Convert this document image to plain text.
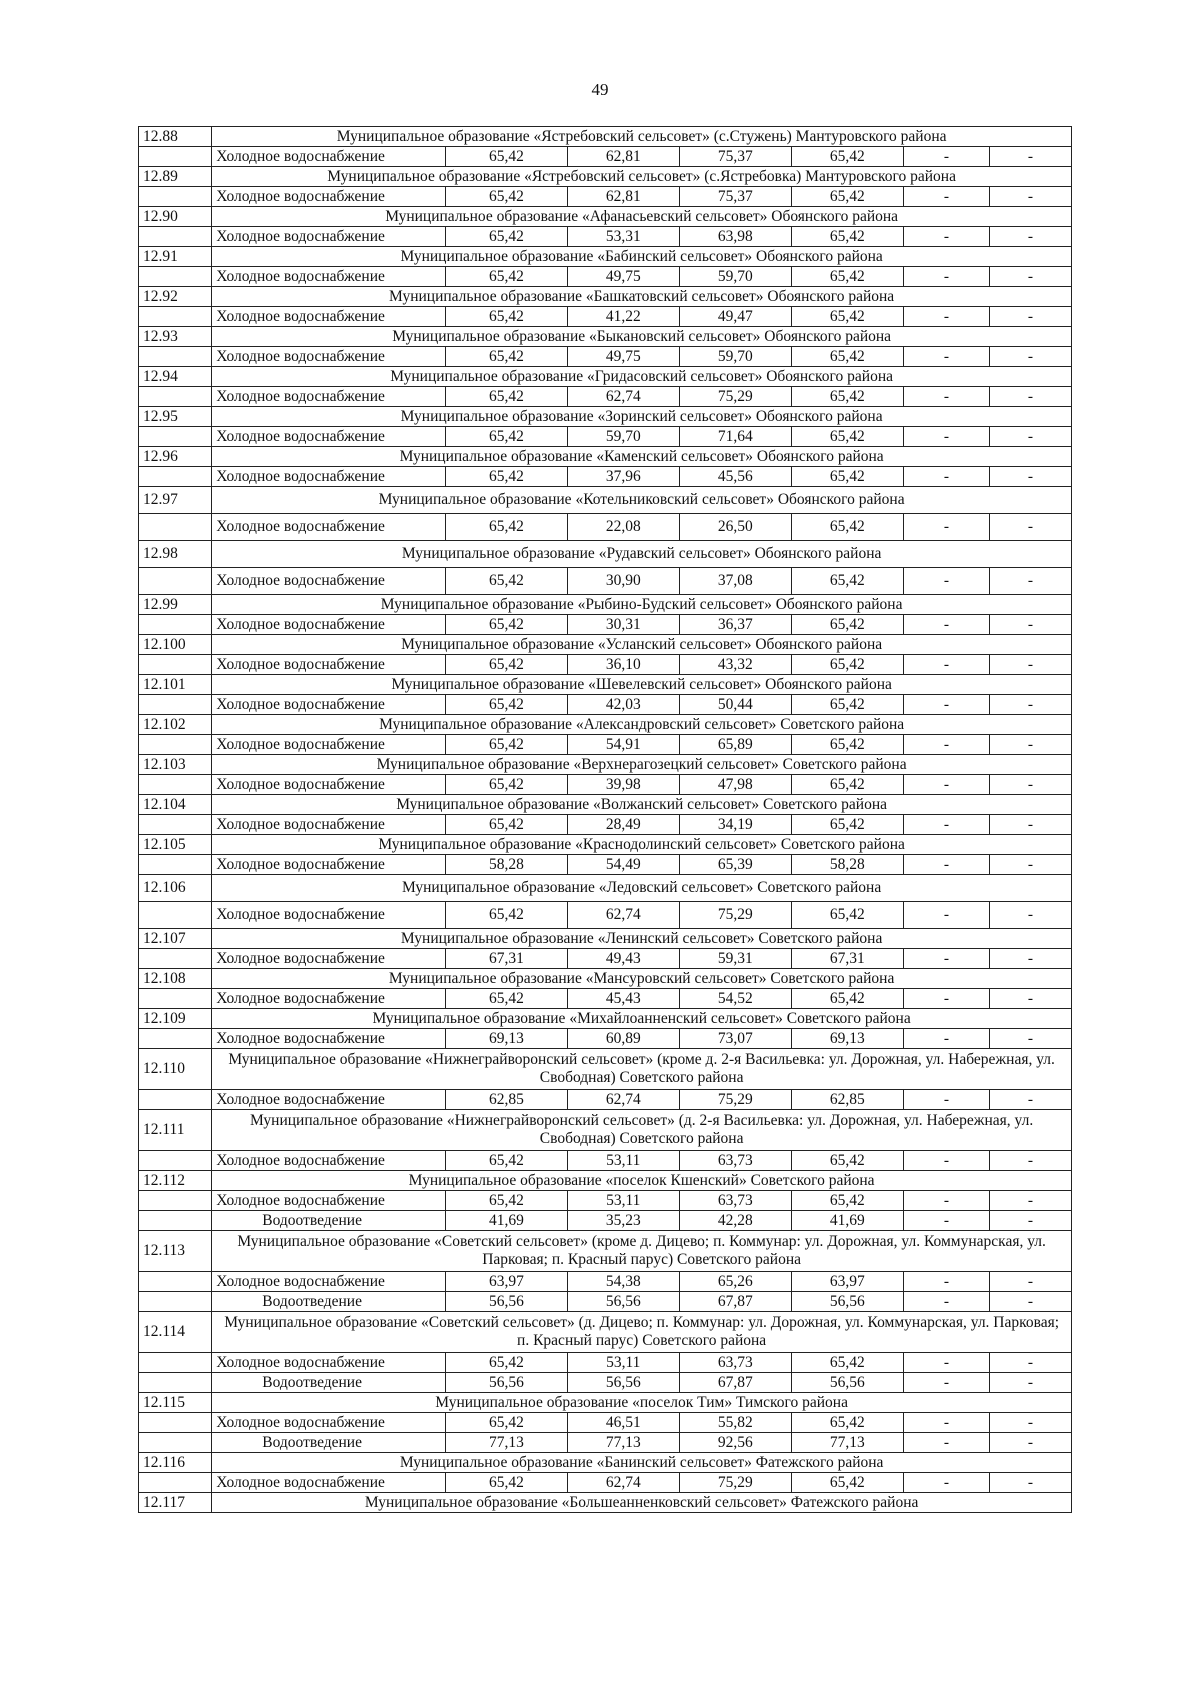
49
12.88	Муниципальное образование «Ястребовский сельсовет» (с.Стужень) Мантуровского района						
	Холодное водоснабжение	65,42	62,81	75,37	65,42	-	-
12.89	Муниципальное образование «Ястребовский сельсовет» (с.Ястребовка) Мантуровского района						
	Холодное водоснабжение	65,42	62,81	75,37	65,42	-	-
12.90	Муниципальное образование «Афанасьевский сельсовет» Обоянского района						
	Холодное водоснабжение	65,42	53,31	63,98	65,42	-	-
12.91	Муниципальное образование «Бабинский сельсовет» Обоянского района						
	Холодное водоснабжение	65,42	49,75	59,70	65,42	-	-
12.92	Муниципальное образование «Башкатовский сельсовет» Обоянского района						
	Холодное водоснабжение	65,42	41,22	49,47	65,42	-	-
12.93	Муниципальное образование «Быкановский сельсовет» Обоянского района						
	Холодное водоснабжение	65,42	49,75	59,70	65,42	-	-
12.94	Муниципальное образование «Гридасовский сельсовет» Обоянского района						
	Холодное водоснабжение	65,42	62,74	75,29	65,42	-	-
12.95	Муниципальное образование «Зоринский сельсовет» Обоянского района						
	Холодное водоснабжение	65,42	59,70	71,64	65,42	-	-
12.96	Муниципальное образование «Каменский сельсовет» Обоянского района						
	Холодное водоснабжение	65,42	37,96	45,56	65,42	-	-
12.97	Муниципальное образование «Котельниковский сельсовет» Обоянского района						
	Холодное водоснабжение	65,42	22,08	26,50	65,42	-	-
12.98	Муниципальное образование «Рудавский сельсовет» Обоянского района						
	Холодное водоснабжение	65,42	30,90	37,08	65,42	-	-
12.99	Муниципальное образование «Рыбино-Будский сельсовет» Обоянского района						
	Холодное водоснабжение	65,42	30,31	36,37	65,42	-	-
12.100	Муниципальное образование «Усланский сельсовет» Обоянского района						
	Холодное водоснабжение	65,42	36,10	43,32	65,42	-	-
12.101	Муниципальное образование «Шевелевский сельсовет» Обоянского района						
	Холодное водоснабжение	65,42	42,03	50,44	65,42	-	-
12.102	Муниципальное образование «Александровский сельсовет» Советского района						
	Холодное водоснабжение	65,42	54,91	65,89	65,42	-	-
12.103	Муниципальное образование «Верхнерагозецкий сельсовет» Советского района						
	Холодное водоснабжение	65,42	39,98	47,98	65,42	-	-
12.104	Муниципальное образование «Волжанский сельсовет» Советского района						
	Холодное водоснабжение	65,42	28,49	34,19	65,42	-	-
12.105	Муниципальное образование «Краснодолинский сельсовет» Советского района						
	Холодное водоснабжение	58,28	54,49	65,39	58,28	-	-
12.106	Муниципальное образование «Ледовский сельсовет» Советского района						
	Холодное водоснабжение	65,42	62,74	75,29	65,42	-	-
12.107	Муниципальное образование «Ленинский сельсовет» Советского района						
	Холодное водоснабжение	67,31	49,43	59,31	67,31	-	-
12.108	Муниципальное образование «Мансуровский сельсовет» Советского района						
	Холодное водоснабжение	65,42	45,43	54,52	65,42	-	-
12.109	Муниципальное образование «Михайлоанненский сельсовет» Советского района						
	Холодное водоснабжение	69,13	60,89	73,07	69,13	-	-
12.110	Муниципальное образование «Нижнеграйворонский сельсовет» (кроме д. 2-я Васильевка: ул. Дорожная, ул. Набережная, ул. Свободная) Советского района						
	Холодное водоснабжение	62,85	62,74	75,29	62,85	-	-
12.111	Муниципальное образование «Нижнеграйворонский сельсовет» (д. 2-я Васильевка: ул. Дорожная, ул. Набережная, ул. Свободная) Советского района						
	Холодное водоснабжение	65,42	53,11	63,73	65,42	-	-
12.112	Муниципальное образование «поселок Кшенский» Советского района						
	Холодное водоснабжение	65,42	53,11	63,73	65,42	-	-
	Водоотведение	41,69	35,23	42,28	41,69	-	-
12.113	Муниципальное образование «Советский сельсовет» (кроме д. Дицево; п. Коммунар: ул. Дорожная, ул. Коммунарская, ул. Парковая; п. Красный парус) Советского района						
	Холодное водоснабжение	63,97	54,38	65,26	63,97	-	-
	Водоотведение	56,56	56,56	67,87	56,56	-	-
12.114	Муниципальное образование «Советский сельсовет» (д. Дицево; п. Коммунар: ул. Дорожная, ул. Коммунарская, ул. Парковая; п. Красный парус) Советского района						
	Холодное водоснабжение	65,42	53,11	63,73	65,42	-	-
	Водоотведение	56,56	56,56	67,87	56,56	-	-
12.115	Муниципальное образование «поселок Тим» Тимского района						
	Холодное водоснабжение	65,42	46,51	55,82	65,42	-	-
	Водоотведение	77,13	77,13	92,56	77,13	-	-
12.116	Муниципальное образование «Банинский сельсовет» Фатежского района						
	Холодное водоснабжение	65,42	62,74	75,29	65,42	-	-
12.117	Муниципальное образование «Большеанненковский сельсовет» Фатежского района						
